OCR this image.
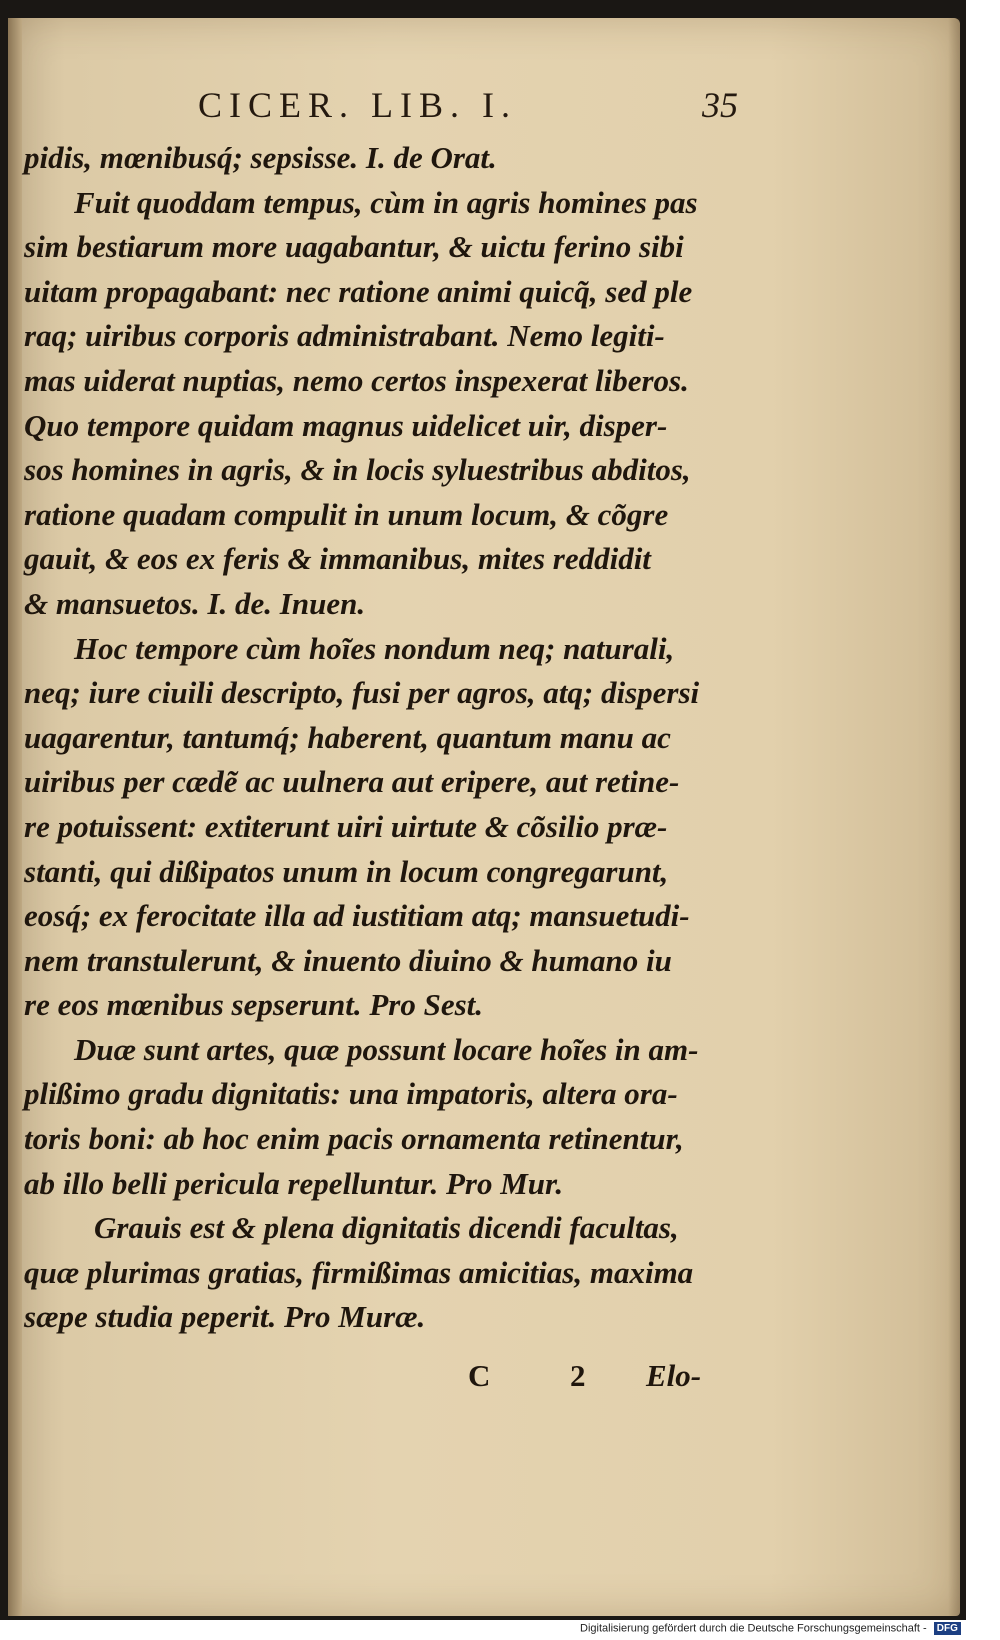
CICER. LIB. I.	35
pidis, mœnibusq́; sepsisse. I. de Orat.
Fuit quoddam tempus, cùm in agris homines pas
sim bestiarum more uagabantur, & uictu ferino sibi
uitam propagabant: nec ratione animi quicq̃, sed ple
raq; uiribus corporis administrabant. Nemo legiti-
mas uiderat nuptias, nemo certos inspexerat liberos.
Quo tempore quidam magnus uidelicet uir, disper-
sos homines in agris, & in locis syluestribus abditos,
ratione quadam compulit in unum locum, & cõgre
gauit, & eos ex feris & immanibus, mites reddidit
& mansuetos. I. de. Inuen.
Hoc tempore cùm hoĩes nondum neq; naturali,
neq; iure ciuili descripto, fusi per agros, atq; dispersi
uagarentur, tantumq́; haberent, quantum manu ac
uiribus per cædẽ ac uulnera aut eripere, aut retine-
re potuissent: extiterunt uiri uirtute & cõsilio præ-
stanti, qui dißipatos unum in locum congregarunt,
eosq́; ex ferocitate illa ad iustitiam atq; mansuetudi-
nem transtulerunt, & inuento diuino & humano iu
re eos mœnibus sepserunt. Pro Sest.
Duæ sunt artes, quæ possunt locare hoĩes in am-
plißimo gradu dignitatis: una impatoris, altera ora-
toris boni: ab hoc enim pacis ornamenta retinentur,
ab illo belli pericula repelluntur. Pro Mur.
Grauis est & plena dignitatis dicendi facultas,
quæ plurimas gratias, firmißimas amicitias, maxima
sæpe studia peperit. Pro Muræ.
C	2 Elo-
Digitalisierung gefördert durch die Deutsche Forschungsgemeinschaft - DFG
